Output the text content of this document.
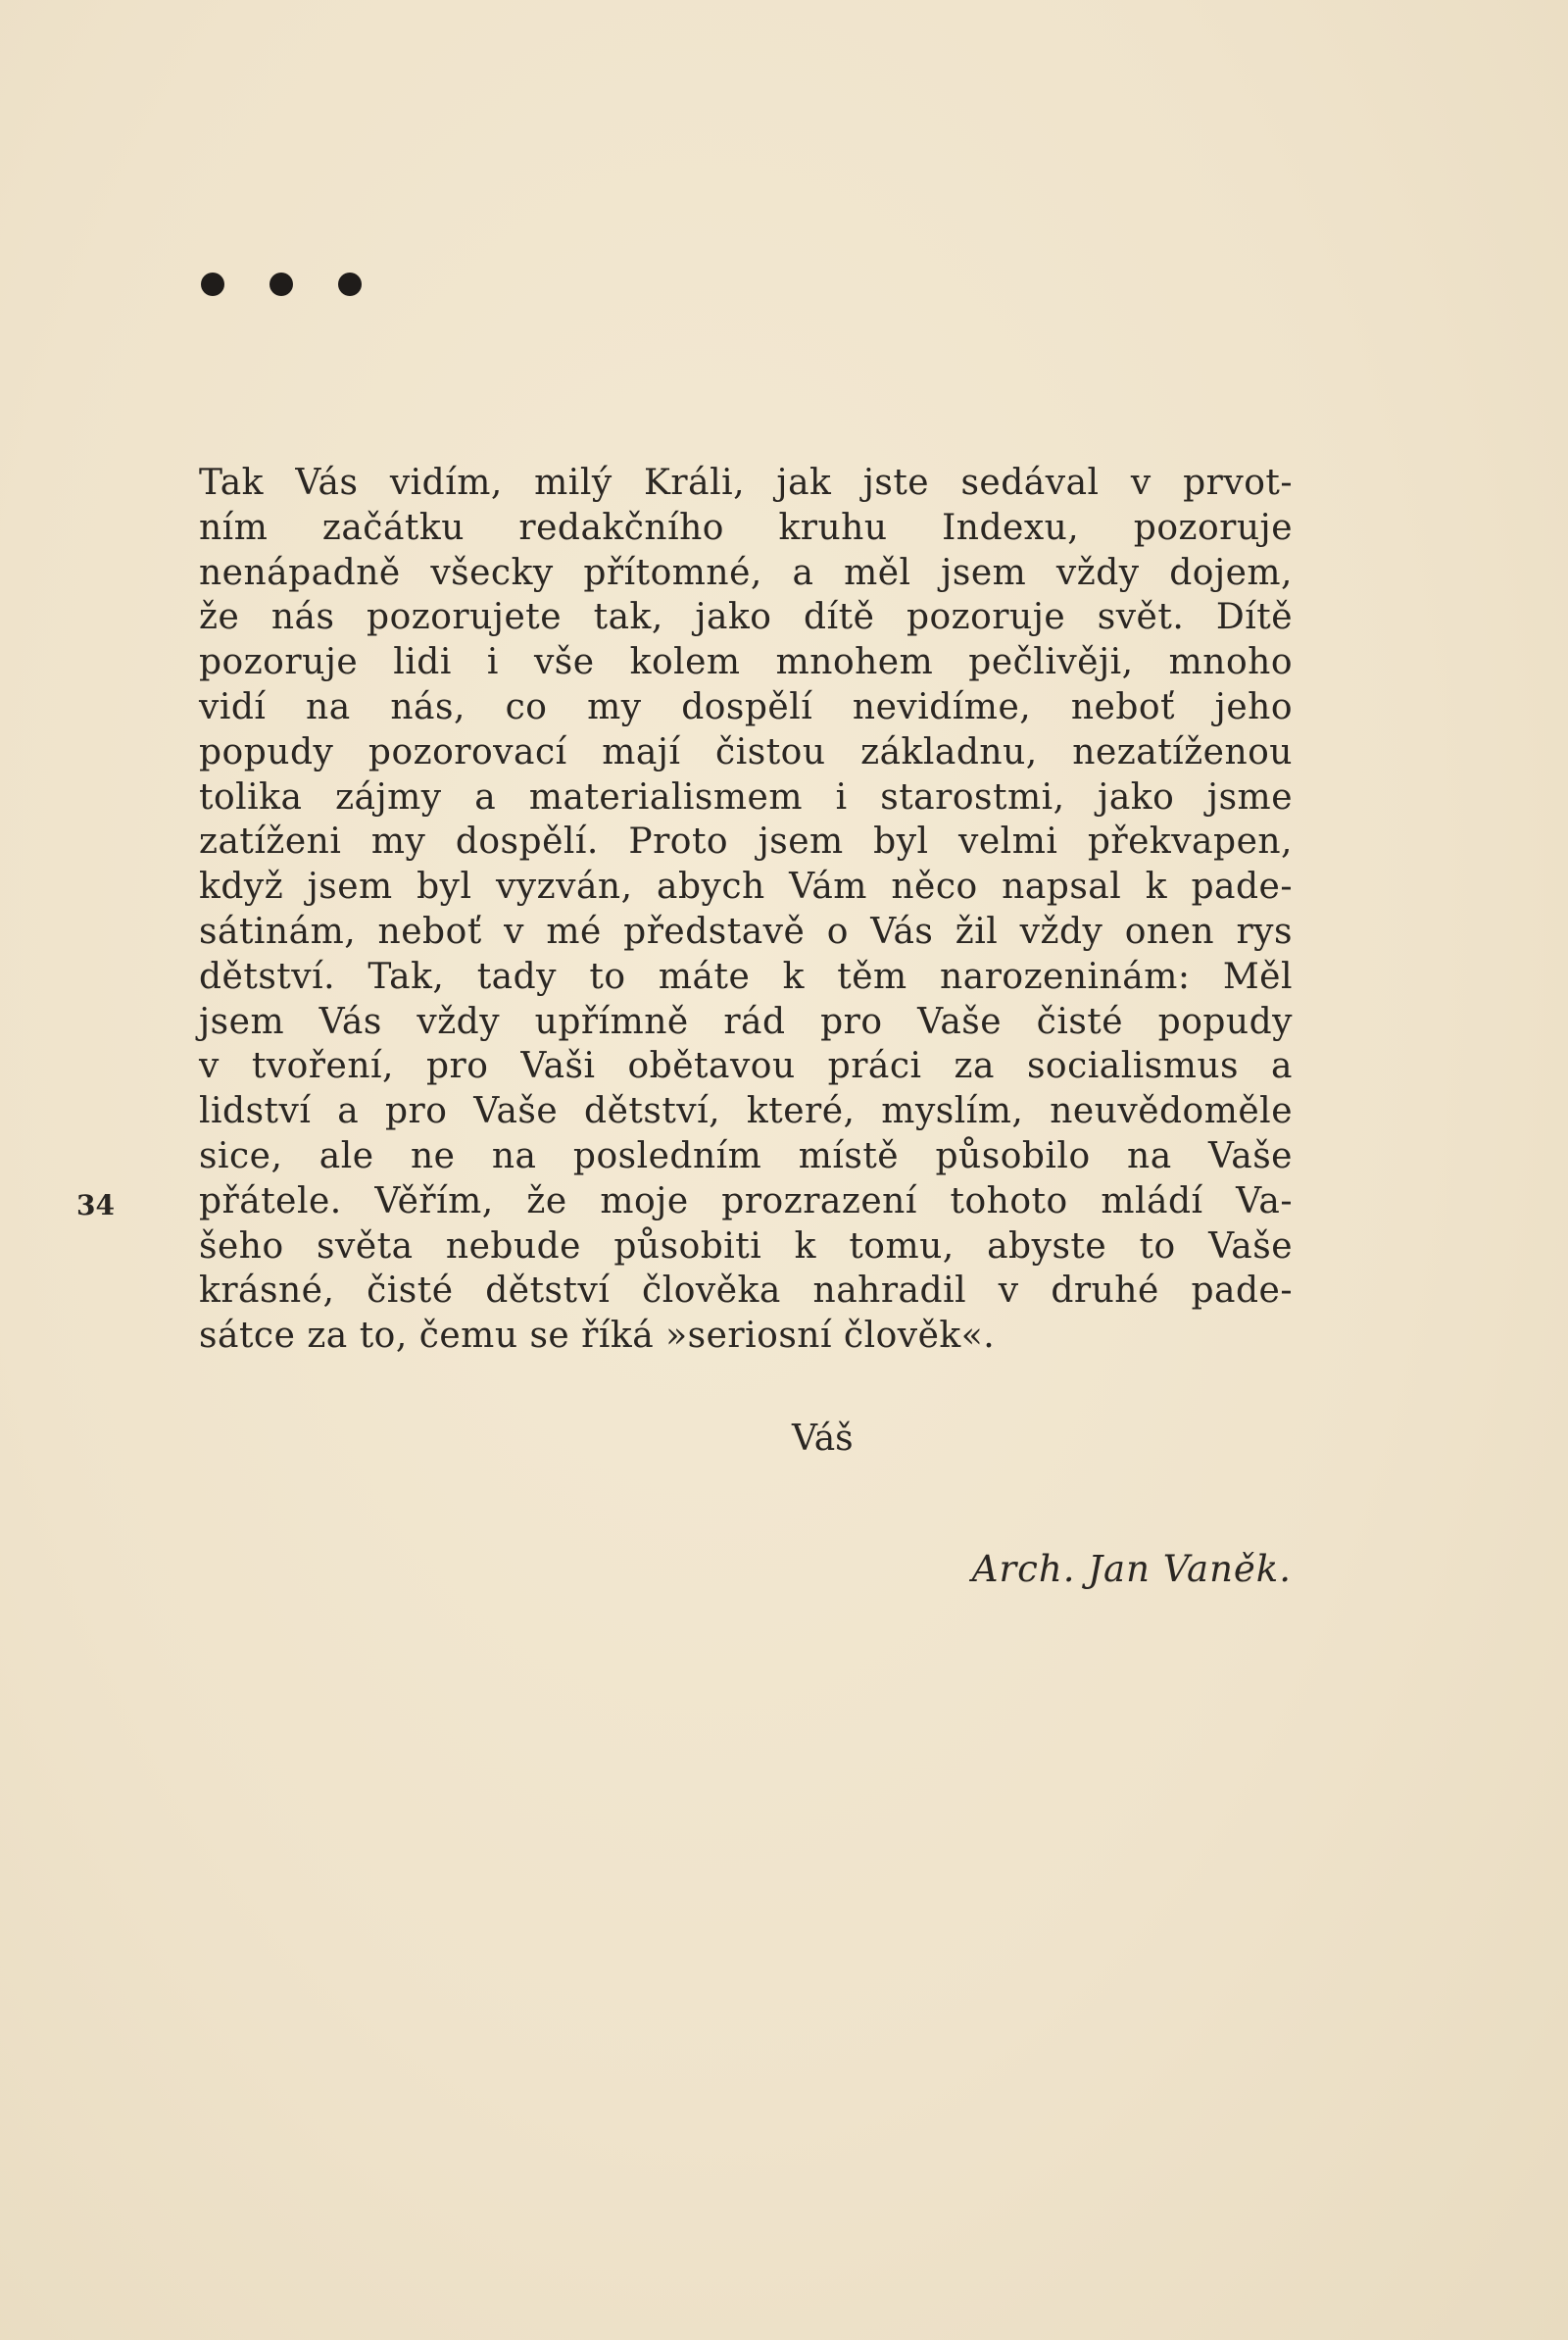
Tak Vás vidím, milý Králi, jak jste sedával v prvot-
ním začátku redakčního kruhu Indexu, pozoruje
nenápadně všecky přítomné, a měl jsem vždy dojem,
že nás pozorujete tak, jako dítě pozoruje svět. Dítě
pozoruje lidi i vše kolem mnohem pečlivěji, mnoho
vidí na nás, co my dospělí nevidíme, neboť jeho
popudy pozorovací mají čistou základnu, nezatíženou
tolika zájmy a materialismem i starostmi, jako jsme
zatíženi my dospělí. Proto jsem byl velmi překvapen,
když jsem byl vyzván, abych Vám něco napsal k pade-
sátinám, neboť v mé představě o Vás žil vždy onen rys
dětství. Tak, tady to máte k těm narozeninám: Měl
jsem Vás vždy upřímně rád pro Vaše čisté popudy
v tvoření, pro Vaši obětavou práci za socialismus a
lidství a pro Vaše dětství, které, myslím, neuvědoměle
sice, ale ne na posledním místě působilo na Vaše
přátele. Věřím, že moje prozrazení tohoto mládí Va-
šeho světa nebude působiti k tomu, abyste to Vaše
krásné, čisté dětství člověka nahradil v druhé pade-
sátce za to, čemu se říká »seriosní člověk«.
34
Váš
Arch. Jan Vaněk.
